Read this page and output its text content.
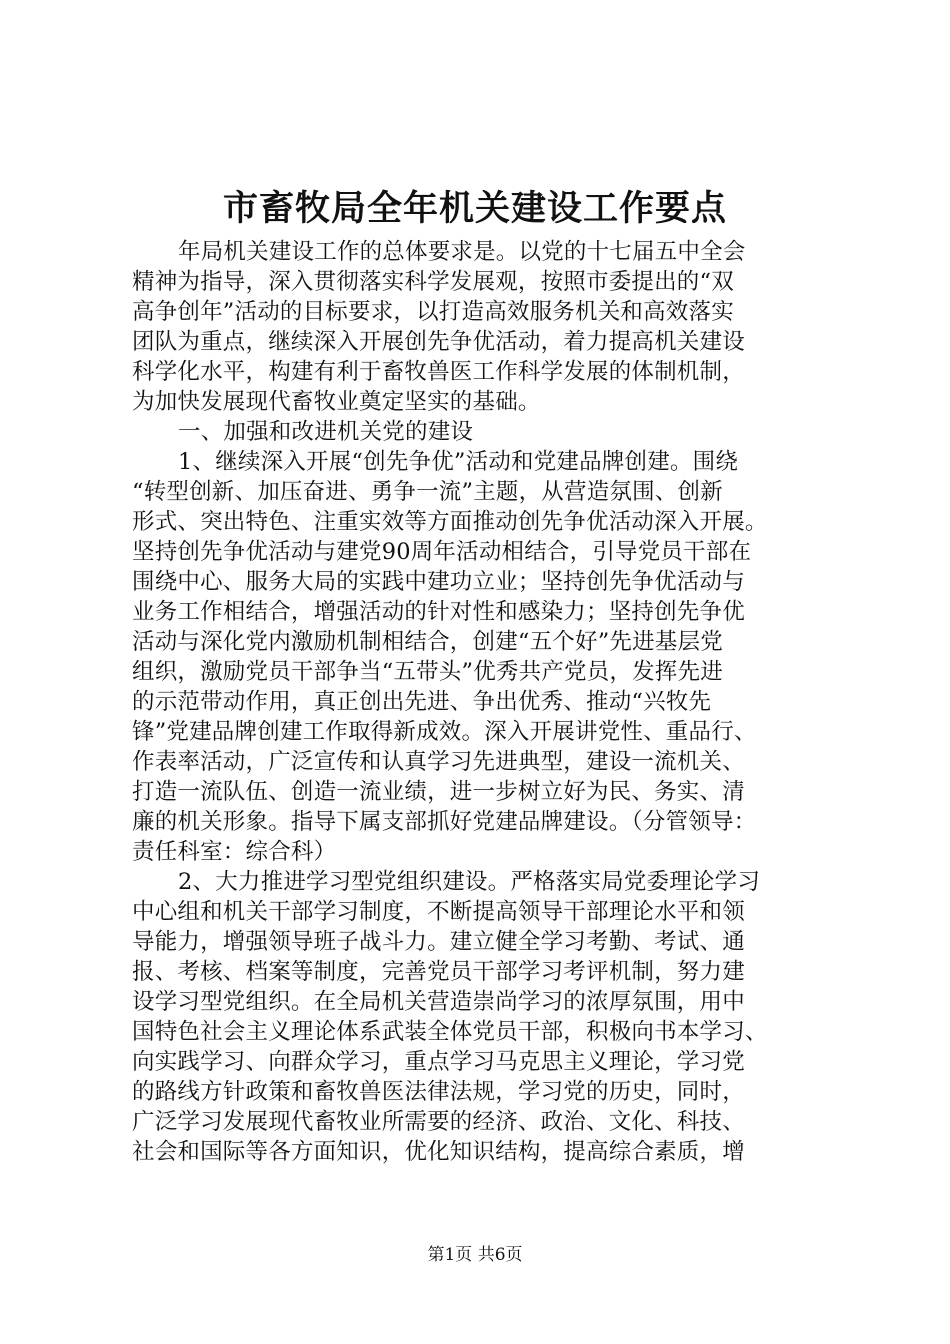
市畜牧局全年机关建设工作要点
年局机关建设工作的总体要求是。以党的十七届五中全会
精神为指导，深入贯彻落实科学发展观，按照市委提出的“双
高争创年”活动的目标要求，以打造高效服务机关和高效落实
团队为重点，继续深入开展创先争优活动，着力提高机关建设
科学化水平，构建有利于畜牧兽医工作科学发展的体制机制，
为加快发展现代畜牧业奠定坚实的基础。
一、加强和改进机关党的建设
1、继续深入开展“创先争优”活动和党建品牌创建。围绕
“转型创新、加压奋进、勇争一流”主题，从营造氛围、创新
形式、突出特色、注重实效等方面推动创先争优活动深入开展。
坚持创先争优活动与建党90周年活动相结合，引导党员干部在
围绕中心、服务大局的实践中建功立业；坚持创先争优活动与
业务工作相结合，增强活动的针对性和感染力；坚持创先争优
活动与深化党内激励机制相结合，创建“五个好”先进基层党
组织，激励党员干部争当“五带头”优秀共产党员，发挥先进
的示范带动作用，真正创出先进、争出优秀、推动“兴牧先
锋”党建品牌创建工作取得新成效。深入开展讲党性、重品行、
作表率活动，广泛宣传和认真学习先进典型，建设一流机关、
打造一流队伍、创造一流业绩，进一步树立好为民、务实、清
廉的机关形象。指导下属支部抓好党建品牌建设。（分管领导：
责任科室：综合科）
2、大力推进学习型党组织建设。严格落实局党委理论学习
中心组和机关干部学习制度，不断提高领导干部理论水平和领
导能力，增强领导班子战斗力。建立健全学习考勤、考试、通
报、考核、档案等制度，完善党员干部学习考评机制，努力建
设学习型党组织。在全局机关营造崇尚学习的浓厚氛围，用中
国特色社会主义理论体系武装全体党员干部，积极向书本学习、
向实践学习、向群众学习，重点学习马克思主义理论，学习党
的路线方针政策和畜牧兽医法律法规，学习党的历史，同时，
广泛学习发展现代畜牧业所需要的经济、政治、文化、科技、
社会和国际等各方面知识，优化知识结构，提高综合素质，增
第1页 共6页
